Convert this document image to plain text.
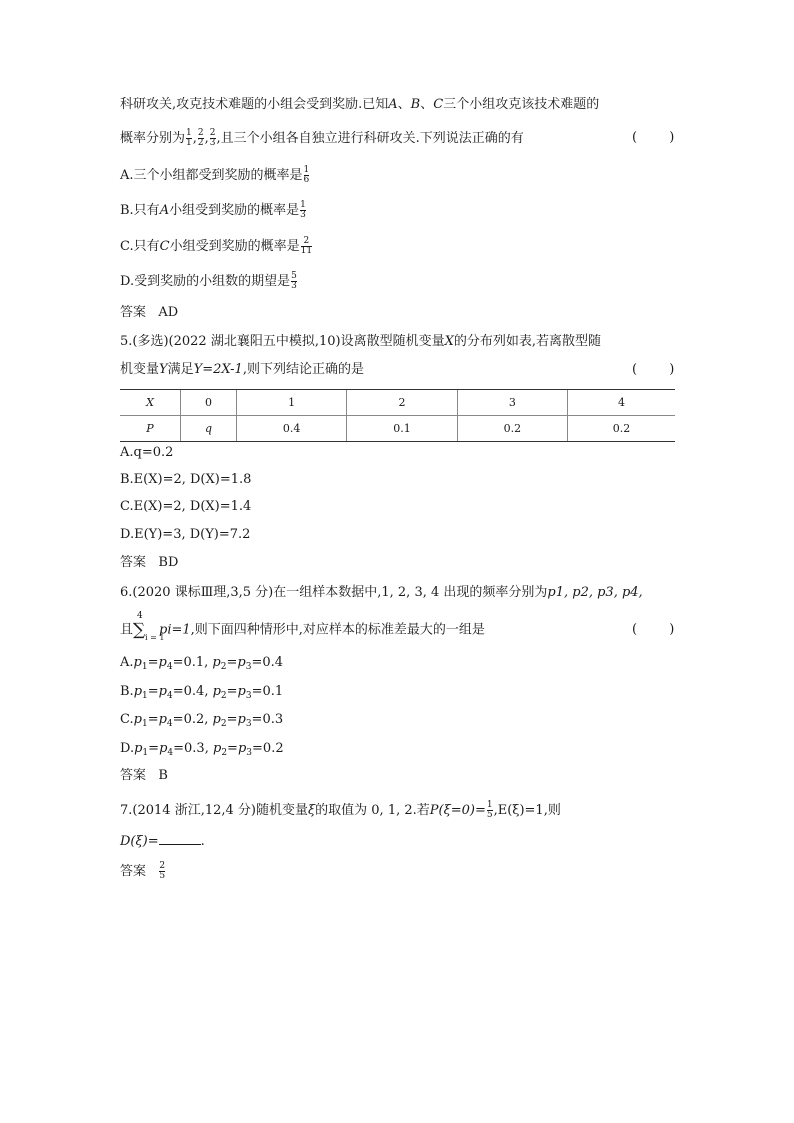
科研攻关,攻克技术难题的小组会受到奖励.已知A、B、C三个小组攻克该技术难题的
概率分别为 $\frac{1}{1}$ , $\frac{2}{2}$ , $\frac{2}{3}$ ,且三个小组各自独立进行科研攻关.下列说法正确的有	( )
A.三个小组都受到奖励的概率是 $\frac{1}{6}$
B.只有A小组受到奖励的概率是 $\frac{1}{3}$
C.只有C小组受到奖励的概率是 $\frac{2}{11}$
D.受到奖励的小组数的期望是 $\frac{5}{3}$
答案 AD
5.(多选)(2022 湖北襄阳五中模拟,10)设离散型随机变量X的分布列如表,若离散型随
机变量Y满足Y=2X-1,则下列结论正确的是	( )
X	0	1	2	3	4
P	q	0.4	0.1	0.2	0.2
A.q=0.2
B.E(X)=2, D(X)=1.8
C.E(X)=2, D(X)=1.4
D.E(Y)=3, D(Y)=7.2
答案 BD
6.(2020 课标Ⅲ理,3,5 分)在一组样本数据中,1, 2, 3, 4 出现的频率分别为p1, p2, p3, p4,
且 ∑
4
i = 1
pi=1,则下面四种情形中,对应样本的标准差最大的一组是	( )
$A.p_1=p_4=0.1$, $p_2=p_3=0.4$
$B.p_1=p_4=0.4$, $p_2=p_3=0.1$
$C.p_1=p_4=0.2$, $p_2=p_3=0.3$
$D.p_1=p_4=0.3$, $p_2=p_3=0.2$
答案 B
7.(2014 浙江,12,4 分)随机变量ξ的取值为 0, 1, 2.若$P(\xi=0)= \frac{1}{5} ,E(\xi)=1$,则
D(ξ)=	.
答案 $\frac{2}{5}$
